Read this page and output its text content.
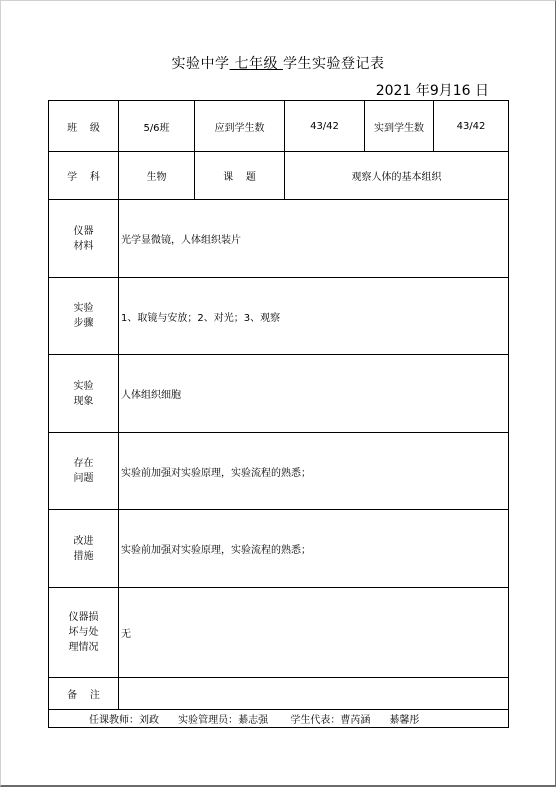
实验中学 七年级 学生实验登记表
2021 年9月16 日
班    级	5/6班	应到学生数	43/42	实到学生数	43/42
学    科	生物	课    题	观察人体的基本组织		

仪器
材料	光学显微镜，人体组织装片				

实验
步骤	1、取镜与安放；2、对光；3、观察				

实验
现象	人体组织细胞				

存在
问题	实验前加强对实验原理，实验流程的熟悉；				

改进
措施	实验前加强对实验原理，实验流程的熟悉；				

仪器损
坏与处
理情况	无				
备    注					
任课教师：刘政      实验管理员：綦志强       学生代表：曹芮涵      綦馨彤					
